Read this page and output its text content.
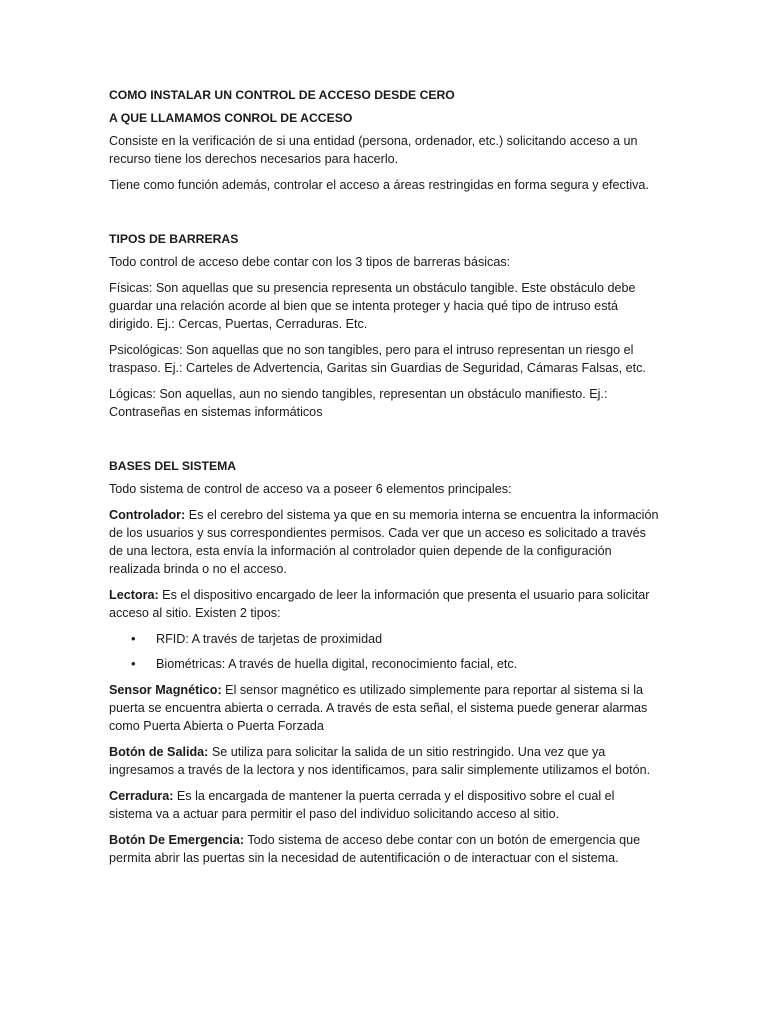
COMO INSTALAR UN CONTROL DE ACCESO DESDE CERO
A QUE LLAMAMOS CONROL DE ACCESO

Consiste en la verificación de si una entidad (persona, ordenador, etc.) solicitando acceso a un recurso tiene los derechos necesarios para hacerlo.

Tiene como función además, controlar el acceso a áreas restringidas en forma segura y efectiva.

TIPOS DE BARRERAS

Todo control de acceso debe contar con los 3 tipos de barreras básicas:

Físicas: Son aquellas que su presencia representa un obstáculo tangible. Este obstáculo debe guardar una relación acorde al bien que se intenta proteger y hacia qué tipo de intruso está dirigido. Ej.: Cercas, Puertas, Cerraduras. Etc.

Psicológicas: Son aquellas que no son tangibles, pero para el intruso representan un riesgo el traspaso. Ej.: Carteles de Advertencia, Garitas sin Guardias de Seguridad, Cámaras Falsas, etc.

Lógicas: Son aquellas, aun no siendo tangibles, representan un obstáculo manifiesto. Ej.: Contraseñas en sistemas informáticos

BASES DEL SISTEMA

Todo sistema de control de acceso va a poseer 6 elementos principales:

Controlador: Es el cerebro del sistema ya que en su memoria interna se encuentra la información de los usuarios y sus correspondientes permisos. Cada ver que un acceso es solicitado a través de una lectora, esta envía la información al controlador quien depende de la configuración realizada brinda o no el acceso.

Lectora: Es el dispositivo encargado de leer la información que presenta el usuario para solicitar acceso al sitio. Existen 2 tipos:

• RFID: A través de tarjetas de proximidad
• Biométricas: A través de huella digital, reconocimiento facial, etc.

Sensor Magnético: El sensor magnético es utilizado simplemente para reportar al sistema si la puerta se encuentra abierta o cerrada. A través de esta señal, el sistema puede generar alarmas como Puerta Abierta o Puerta Forzada

Botón de Salida: Se utiliza para solicitar la salida de un sitio restringido. Una vez que ya ingresamos a través de la lectora y nos identificamos, para salir simplemente utilizamos el botón.

Cerradura: Es la encargada de mantener la puerta cerrada y el dispositivo sobre el cual el sistema va a actuar para permitir el paso del individuo solicitando acceso al sitio.

Botón De Emergencia: Todo sistema de acceso debe contar con un botón de emergencia que permita abrir las puertas sin la necesidad de autentificación o de interactuar con el sistema.
